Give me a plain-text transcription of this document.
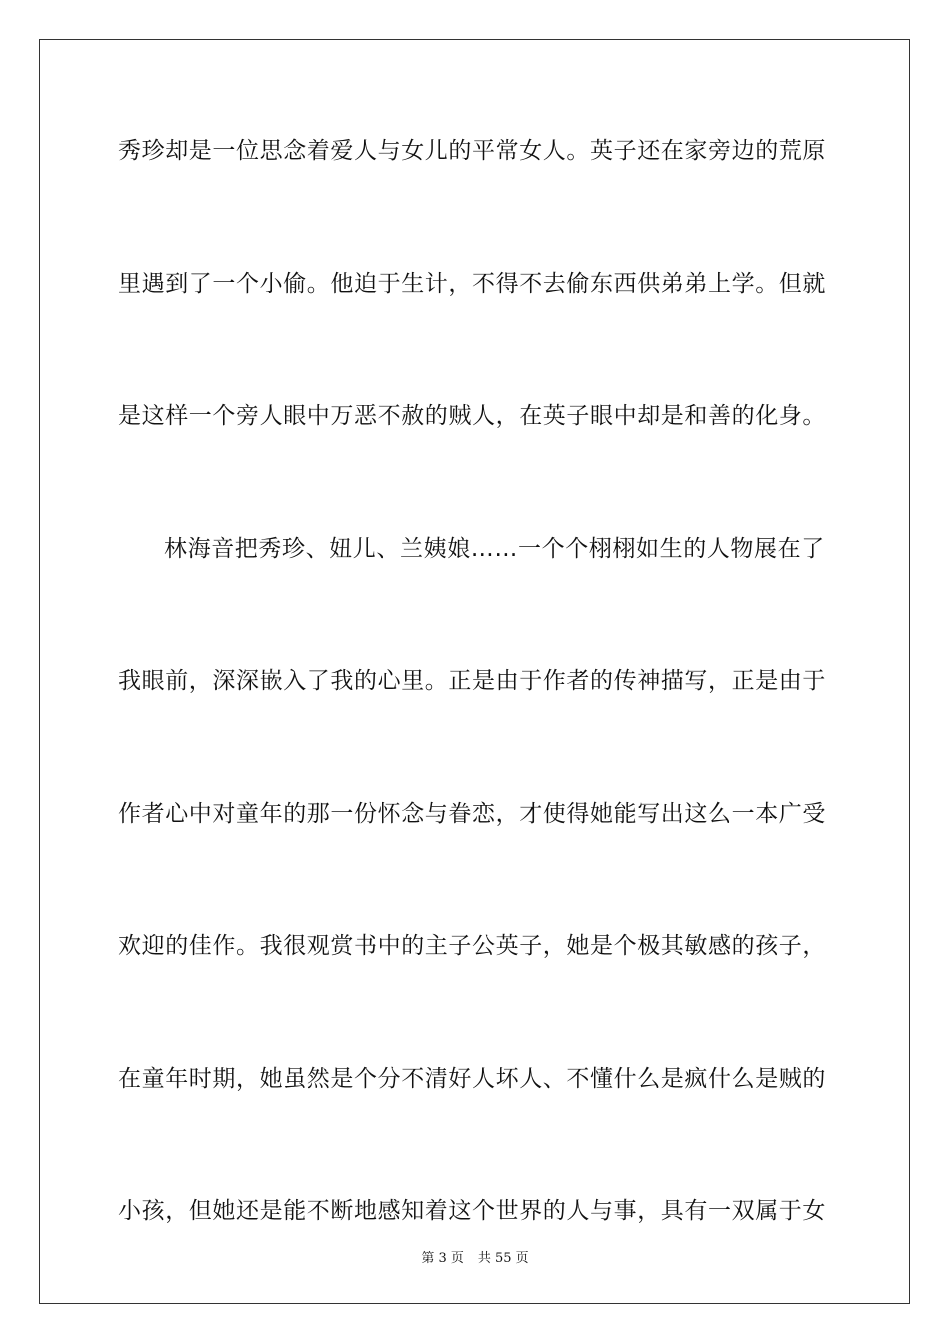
秀珍却是一位思念着爱人与女儿的平常女人。英子还在家旁边的荒原
里遇到了一个小偷。他迫于生计，不得不去偷东西供弟弟上学。但就
是这样一个旁人眼中万恶不赦的贼人，在英子眼中却是和善的化身。
林海音把秀珍、妞儿、兰姨娘……一个个栩栩如生的人物展在了
我眼前，深深嵌入了我的心里。正是由于作者的传神描写，正是由于
作者心中对童年的那一份怀念与眷恋，才使得她能写出这么一本广受
欢迎的佳作。我很观赏书中的主子公英子，她是个极其敏感的孩子，
在童年时期，她虽然是个分不清好人坏人、不懂什么是疯什么是贼的
小孩，但她还是能不断地感知着这个世界的人与事，具有一双属于女
第 3 页 共 55 页
